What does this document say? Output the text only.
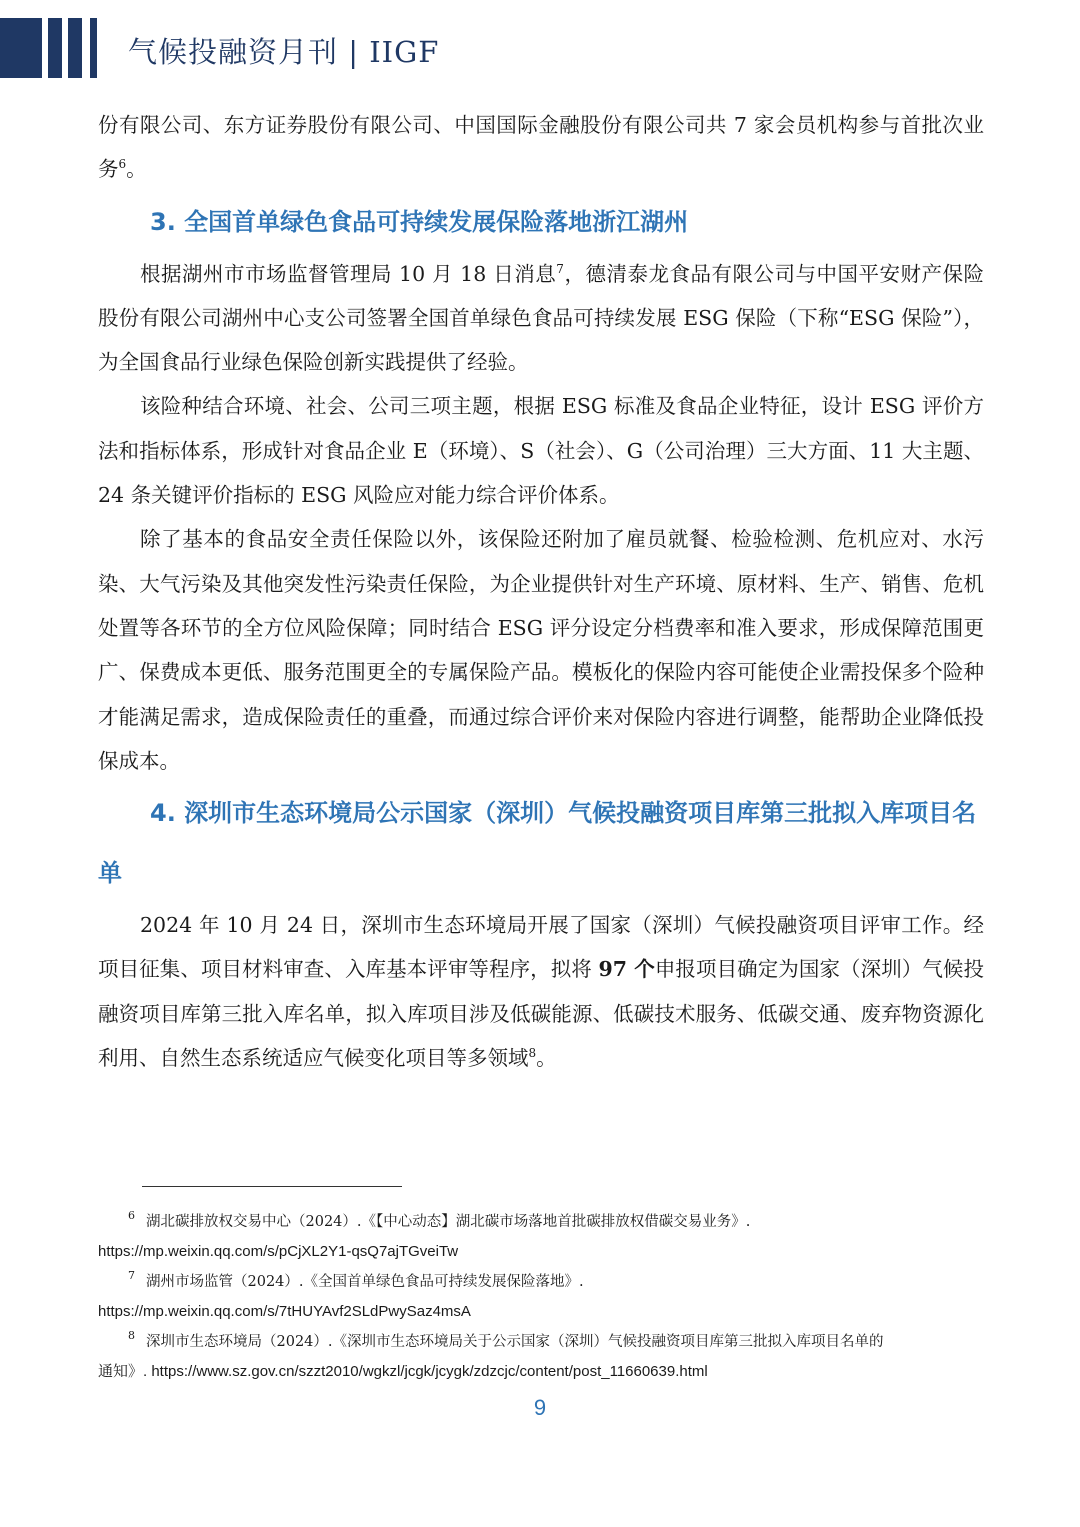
气候投融资月刊 | IIGF

份有限公司、东方证券股份有限公司、中国国际金融股份有限公司共 7 家会员机构参与首批次业务$^6$。

3. 全国首单绿色食品可持续发展保险落地浙江湖州

根据湖州市市场监督管理局 10 月 18 日消息$^7$，德清泰龙食品有限公司与中国平安财产保险股份有限公司湖州中心支公司签署全国首单绿色食品可持续发展 ESG 保险（下称“ESG 保险”），为全国食品行业绿色保险创新实践提供了经验。

该险种结合环境、社会、公司三项主题，根据 ESG 标准及食品企业特征，设计 ESG 评价方法和指标体系，形成针对食品企业 E（环境）、S（社会）、G（公司治理）三大方面、11 大主题、24 条关键评价指标的 ESG 风险应对能力综合评价体系。

除了基本的食品安全责任保险以外，该保险还附加了雇员就餐、检验检测、危机应对、水污染、大气污染及其他突发性污染责任保险，为企业提供针对生产环境、原材料、生产、销售、危机处置等各环节的全方位风险保障；同时结合 ESG 评分设定分档费率和准入要求，形成保障范围更广、保费成本更低、服务范围更全的专属保险产品。模板化的保险内容可能使企业需投保多个险种才能满足需求，造成保险责任的重叠，而通过综合评价来对保险内容进行调整，能帮助企业降低投保成本。

4. 深圳市生态环境局公示国家（深圳）气候投融资项目库第三批拟入库项目名单

2024 年 10 月 24 日，深圳市生态环境局开展了国家（深圳）气候投融资项目评审工作。经项目征集、项目材料审查、入库基本评审等程序，拟将 97 个申报项目确定为国家（深圳）气候投融资项目库第三批入库名单，拟入库项目涉及低碳能源、低碳技术服务、低碳交通、废弃物资源化利用、自然生态系统适应气候变化项目等多领域$^8$。

6 湖北碳排放权交易中心（2024）.《【中心动态】湖北碳市场落地首批碳排放权借碳交易业务》.

https://mp.weixin.qq.com/s/pCjXL2Y1-qsQ7ajTGveiTw

7 湖州市场监管（2024）.《全国首单绿色食品可持续发展保险落地》.

https://mp.weixin.qq.com/s/7tHUYAvf2SLdPwySaz4msA

8 深圳市生态环境局（2024）.《深圳市生态环境局关于公示国家（深圳）气候投融资项目库第三批拟入库项目名单的

通知》. https://www.sz.gov.cn/szzt2010/wgkzl/jcgk/jcygk/zdzcjc/content/post_11660639.html

9
